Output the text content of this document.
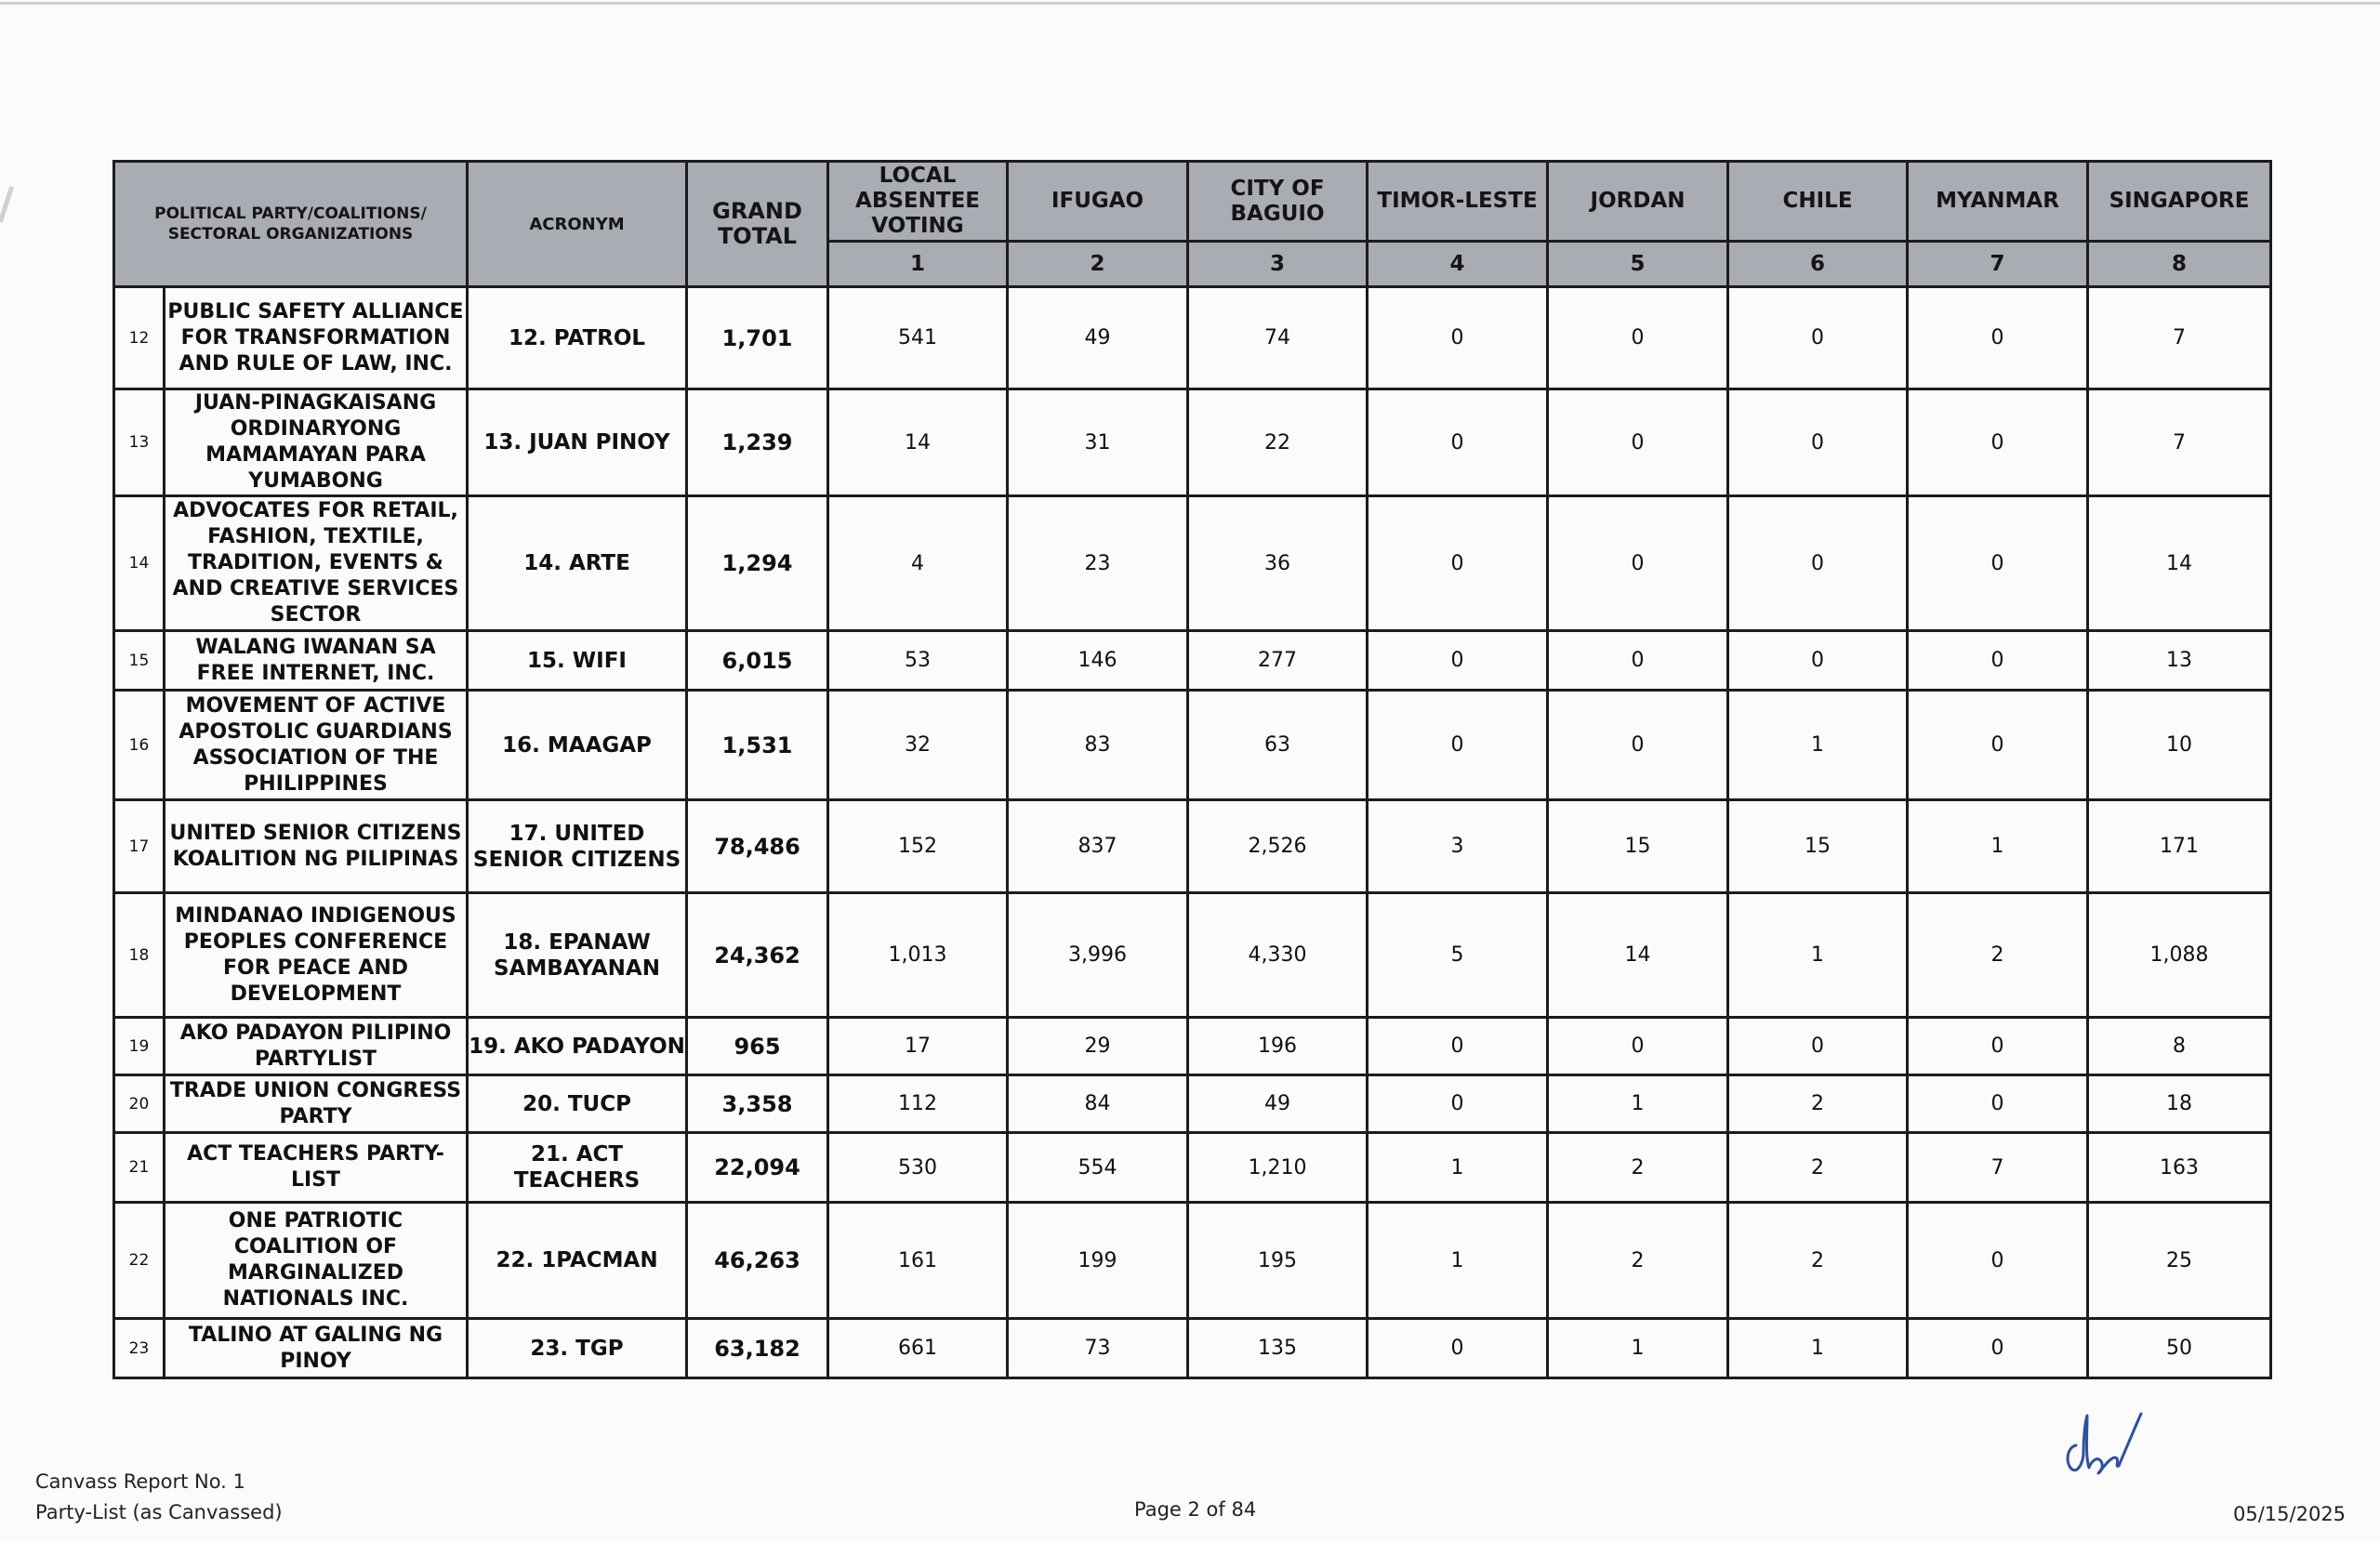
POLITICAL PARTY/COALITIONS/ SECTORAL ORGANIZATIONS		ACRONYM	GRAND TOTAL	LOCAL ABSENTEE VOTING	IFUGAO	CITY OF BAGUIO	TIMOR-LESTE	JORDAN	CHILE	MYANMAR	SINGAPORE
				1	2	3	4	5	6	7	8
12	PUBLIC SAFETY ALLIANCE FOR TRANSFORMATION AND RULE OF LAW, INC.	12. PATROL	1,701	541	49	74	0	0	0	0	7
13	JUAN-PINAGKAISANG ORDINARYONG MAMAMAYAN PARA YUMABONG	13. JUAN PINOY	1,239	14	31	22	0	0	0	0	7
14	ADVOCATES FOR RETAIL, FASHION, TEXTILE, TRADITION, EVENTS & AND CREATIVE SERVICES SECTOR	14. ARTE	1,294	4	23	36	0	0	0	0	14
15	WALANG IWANAN SA FREE INTERNET, INC.	15. WIFI	6,015	53	146	277	0	0	0	0	13
16	MOVEMENT OF ACTIVE APOSTOLIC GUARDIANS ASSOCIATION OF THE PHILIPPINES	16. MAAGAP	1,531	32	83	63	0	0	1	0	10
17	UNITED SENIOR CITIZENS KOALITION NG PILIPINAS	17. UNITED SENIOR CITIZENS	78,486	152	837	2,526	3	15	15	1	171
18	MINDANAO INDIGENOUS PEOPLES CONFERENCE FOR PEACE AND DEVELOPMENT	18. EPANAW SAMBAYANAN	24,362	1,013	3,996	4,330	5	14	1	2	1,088
19	AKO PADAYON PILIPINO PARTYLIST	19. AKO PADAYON	965	17	29	196	0	0	0	0	8
20	TRADE UNION CONGRESS PARTY	20. TUCP	3,358	112	84	49	0	1	2	0	18
21	ACT TEACHERS PARTY-LIST	21. ACT TEACHERS	22,094	530	554	1,210	1	2	2	7	163
22	ONE PATRIOTIC COALITION OF MARGINALIZED NATIONALS INC.	22. 1PACMAN	46,263	161	199	195	1	2	2	0	25
23	TALINO AT GALING NG PINOY	23. TGP	63,182	661	73	135	0	1	1	0	50
Canvass Report No. 1
Party-List (as Canvassed)	Page 2 of 84	05/15/2025
